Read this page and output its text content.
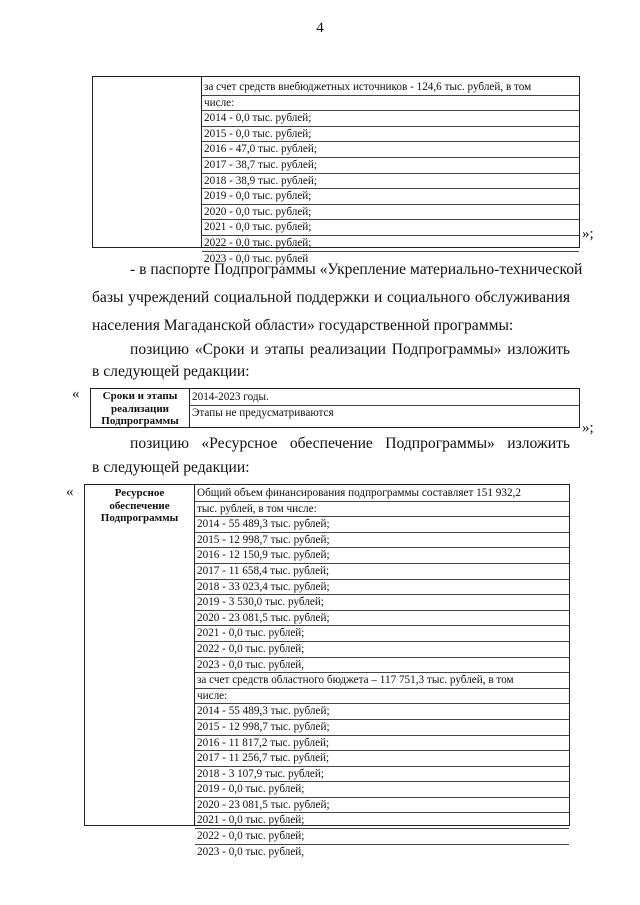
4
за счет средств внебюджетных источников - 124,6 тыс. рублей, в том
числе:
2014 - 0,0 тыс. рублей;
2015 - 0,0 тыс. рублей;
2016 - 47,0 тыс. рублей;
2017 - 38,7 тыс. рублей;
2018 - 38,9 тыс. рублей;
2019 - 0,0 тыс. рублей;
2020 - 0,0 тыс. рублей;
2021 - 0,0 тыс. рублей;
2022 - 0,0 тыс. рублей;
2023 - 0,0 тыс. рублей
»;
- в паспорте Подпрограммы «Укрепление материально-технической
базы учреждений социальной поддержки и социального обслуживания
населения Магаданской области» государственной программы:
позицию «Сроки и этапы реализации Подпрограммы» изложить
в следующей редакции:
«	Сроки и этапы
реализации
Подпрограммы
2014-2023 годы.
Этапы не предусматриваются
»;
позицию «Ресурсное обеспечение Подпрограммы» изложить
в следующей редакции:
«	Ресурсное
обеспечение
Подпрограммы
Общий объем финансирования подпрограммы составляет 151 932,2
тыс. рублей, в том числе:
2014 - 55 489,3 тыс. рублей;
2015 - 12 998,7 тыс. рублей;
2016 - 12 150,9 тыс. рублей;
2017 - 11 658,4 тыс. рублей;
2018 - 33 023,4 тыс. рублей;
2019 - 3 530,0 тыс. рублей;
2020 - 23 081,5 тыс. рублей;
2021 - 0,0 тыс. рублей;
2022 - 0,0 тыс. рублей;
2023 - 0,0 тыс. рублей,
за счет средств областного бюджета – 117 751,3 тыс. рублей, в том
числе:
2014 - 55 489,3 тыс. рублей;
2015 - 12 998,7 тыс. рублей;
2016 - 11 817,2 тыс. рублей;
2017 - 11 256,7 тыс. рублей;
2018 - 3 107,9 тыс. рублей;
2019 - 0,0 тыс. рублей;
2020 - 23 081,5 тыс. рублей;
2021 - 0,0 тыс. рублей;
2022 - 0,0 тыс. рублей;
2023 - 0,0 тыс. рублей,
